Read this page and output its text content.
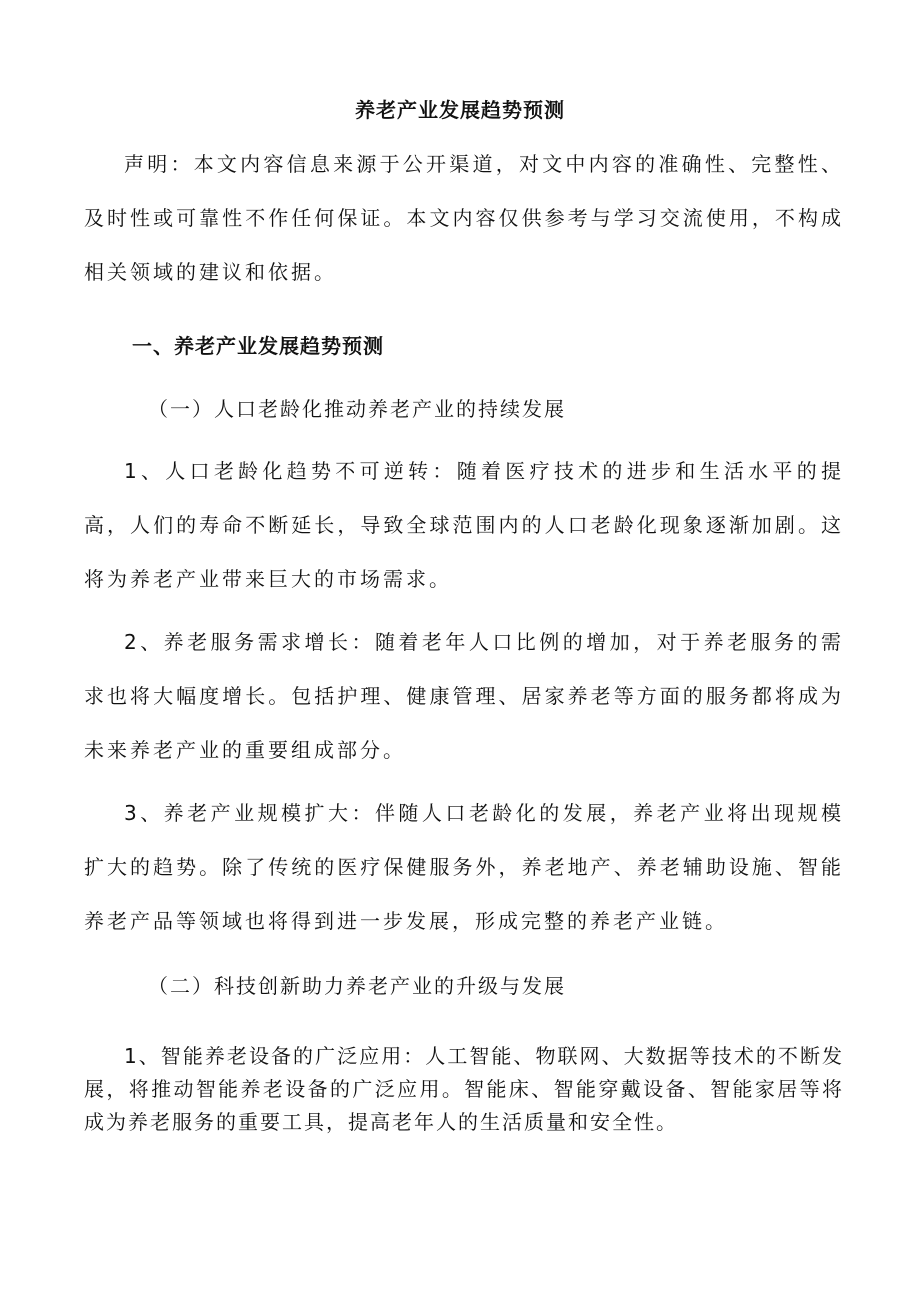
养老产业发展趋势预测

声明：本文内容信息来源于公开渠道，对文中内容的准确性、完整性、及时性或可靠性不作任何保证。本文内容仅供参考与学习交流使用，不构成相关领域的建议和依据。

一、养老产业发展趋势预测
（一）人口老龄化推动养老产业的持续发展

1、人口老龄化趋势不可逆转：随着医疗技术的进步和生活水平的提高，人们的寿命不断延长，导致全球范围内的人口老龄化现象逐渐加剧。这将为养老产业带来巨大的市场需求。

2、养老服务需求增长：随着老年人口比例的增加，对于养老服务的需求也将大幅度增长。包括护理、健康管理、居家养老等方面的服务都将成为未来养老产业的重要组成部分。

3、养老产业规模扩大：伴随人口老龄化的发展，养老产业将出现规模扩大的趋势。除了传统的医疗保健服务外，养老地产、养老辅助设施、智能养老产品等领域也将得到进一步发展，形成完整的养老产业链。

（二）科技创新助力养老产业的升级与发展

1、智能养老设备的广泛应用：人工智能、物联网、大数据等技术的不断发展，将推动智能养老设备的广泛应用。智能床、智能穿戴设备、智能家居等将成为养老服务的重要工具，提高老年人的生活质量和安全性。
